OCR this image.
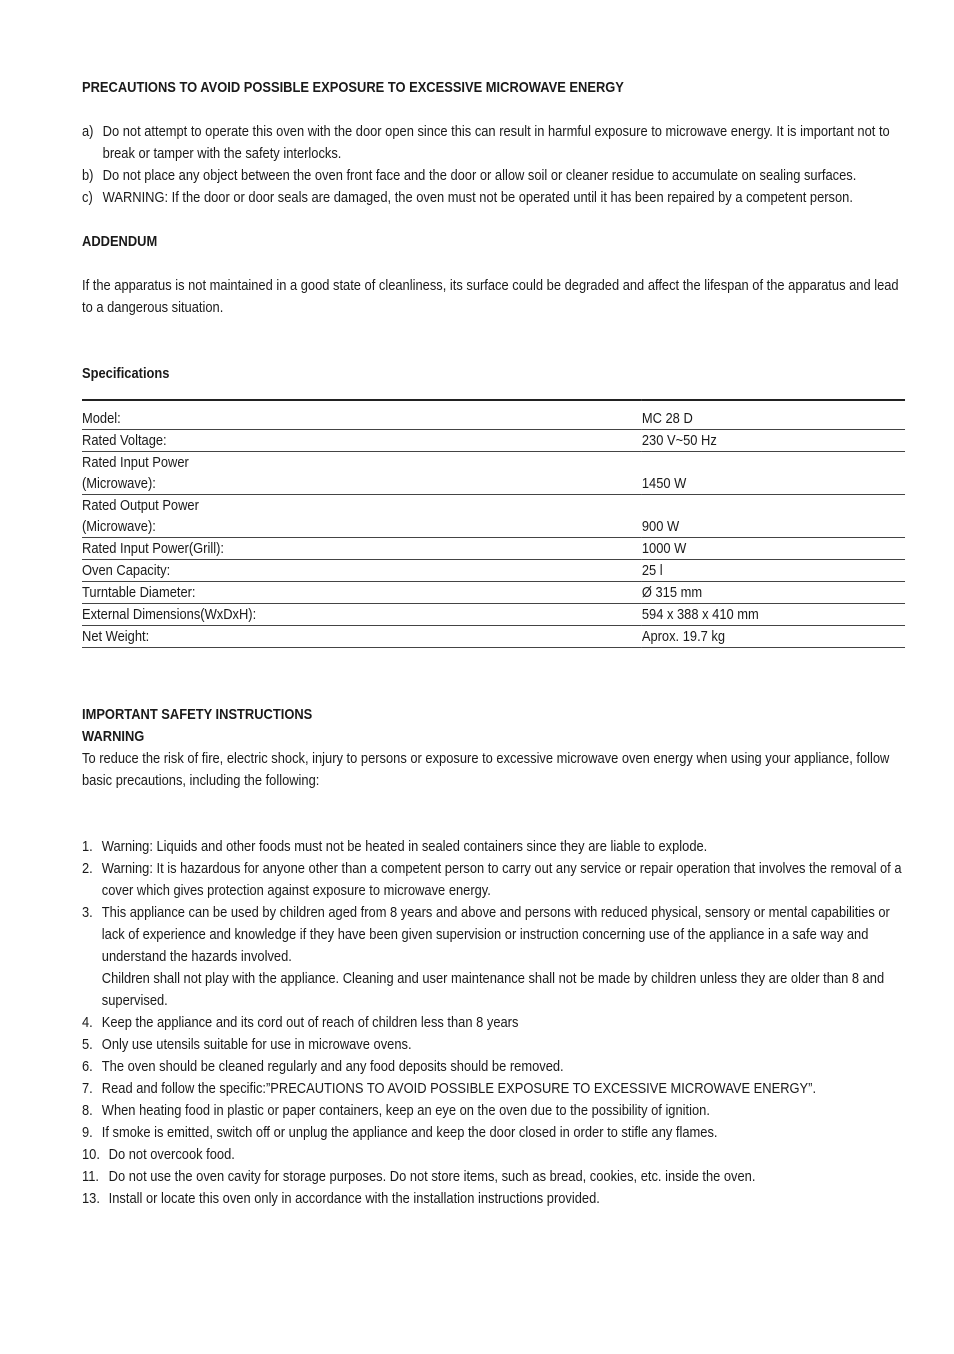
PRECAUTIONS TO AVOID POSSIBLE EXPOSURE TO EXCESSIVE MICROWAVE ENERGY

a) Do not attempt to operate this oven with the door open since this can result in harmful exposure to microwave energy. It is important not to break or tamper with the safety interlocks.
b) Do not place any object between the oven front face and the door or allow soil or cleaner residue to accumulate on sealing surfaces.
c) WARNING: If the door or door seals are damaged, the oven must not be operated until it has been repaired by a competent person.

ADDENDUM

If the apparatus is not maintained in a good state of cleanliness, its surface could be degraded and affect the lifespan of the apparatus and lead to a dangerous situation.

Specifications

Model:	MC 28 D
Rated Voltage:	230 V~50 Hz
Rated Input Power
(Microwave):	1450 W
Rated Output Power
(Microwave):	900 W
Rated Input Power(Grill):	1000 W
Oven Capacity:	25 l
Turntable Diameter:	Ø 315 mm
External Dimensions(WxDxH):	594 x 388 x 410 mm
Net Weight:	Aprox. 19.7 kg

IMPORTANT SAFETY INSTRUCTIONS

WARNING

To reduce the risk of fire, electric shock, injury to persons or exposure to excessive microwave oven energy when using your appliance, follow basic precautions, including the following:

1. Warning: Liquids and other foods must not be heated in sealed containers since they are liable to explode.
2. Warning: It is hazardous for anyone other than a competent person to carry out any service or repair operation that involves the removal of a cover which gives protection against exposure to microwave energy.
3. This appliance can be used by children aged from 8 years and above and persons with reduced physical, sensory or mental capabilities or lack of experience and knowledge if they have been given supervision or instruction concerning use of the appliance in a safe way and understand the hazards involved.
Children shall not play with the appliance. Cleaning and user maintenance shall not be made by children unless they are older than 8 and supervised.
4. Keep the appliance and its cord out of reach of children less than 8 years
5. Only use utensils suitable for use in microwave ovens.
6. The oven should be cleaned regularly and any food deposits should be removed.
7. Read and follow the specific:”PRECAUTIONS TO AVOID POSSIBLE EXPOSURE TO EXCESSIVE MICROWAVE ENERGY”.
8. When heating food in plastic or paper containers, keep an eye on the oven due to the possibility of ignition.
9. If smoke is emitted, switch off or unplug the appliance and keep the door closed in order to stifle any flames.
10. Do not overcook food.
11. Do not use the oven cavity for storage purposes. Do not store items, such as bread, cookies, etc. inside the oven.
13. Install or locate this oven only in accordance with the installation instructions provided.
